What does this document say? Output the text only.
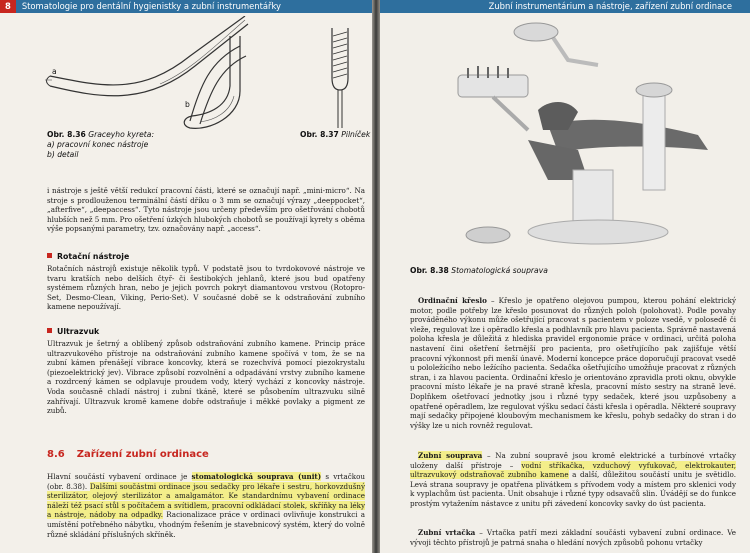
8 Stomatologie pro dentální hygienistky a zubní instrumentářky
a
b
Obr. 8.36 Graceyho kyreta:
a) pracovní konec nástroje
b) detail
Obr. 8.37 Pilníček

i nástroje s ještě větší redukcí pracovní části, které se označují např. „mini-micro“. Na stroje s prodlouženou terminální částí dříku o 3 mm se označují výrazy „deeppocket“, „afterfive“, „deepaccess“. Tyto nástroje jsou určeny především pro ošetřování chobotů hlubších než 5 mm. Pro ošetření úzkých hlubokých chobotů se používají kyrety s oběma výše popsanými parametry, tzv. označovány např. „access“.

Rotační nástroje

Rotačních nástrojů existuje několik typů. V podstatě jsou to tvrdokovové nástroje ve tvaru kratších nebo delších čtyř- či šestibokých jehlanů, které jsou bud opatřeny systémem různých hran, nebo je jejich povrch pokryt diamantovou vrstvou (Rotopro-Set, Desmo-Clean, Viking, Perio-Set). V současné době se k odstraňování zubního kamene nepoužívají.

Ultrazvuk

Ultrazvuk je šetrný a oblíbený způsob odstraňování zubního kamene. Princip práce ultrazvukového přístroje na odstraňování zubního kamene spočívá v tom, že se na zubní kámen přenášejí vibrace koncovky, která se rozechvívá pomocí piezokrystalu (piezoelektrický jev). Vibrace způsobí rozvolnění a odpadávání vrstvy zubního kamene a rozdrcený kámen se odplavuje proudem vody, který vychází z koncovky nástroje. Voda současně chladí nástroj i zubní tkáně, které se působením ultrazvuku silně zahřívají. Ultrazvuk kromě kamene dobře odstraňuje i měkké povlaky a pigment ze zubů.

8.6 Zařízení zubní ordinace

Hlavní součástí vybavení ordinace je stomatologická souprava (unit) s vrtačkou (obr. 8.38). Dalšími součástmi ordinace jsou sedačky pro lékaře i sestru, horkovzdušný sterilizátor, olejový sterilizátor a amalgamátor. Ke standardnímu vybavení ordinace náleží též psací stůl s počítačem a svítidlem, pracovní odkládací stolek, skříňky na léky a nástroje, nádoby na odpadky. Racionalizace práce v ordinaci ovlivňuje konstrukci a umístění potřebného nábytku, vhodným řešením je stavebnicový systém, který do volně různé skládání příslušných skříněk.

Zubní instrumentárium a nástroje, zařízení zubní ordinace
Obr. 8.38 Stomatologická souprava

Ordinační křeslo – Křeslo je opatřeno olejovou pumpou, kterou pohání elektrický motor, podle potřeby lze křeslo posunovat do různých poloh (polohovat). Podle povahy prováděného výkonu může ošetřující pracovat s pacientem v poloze vsedě, v polosedě či vleže, regulovat lze i opěradlo křesla a podhlavník pro hlavu pacienta. Správně nastavená poloha křesla je důležitá z hlediska pravidel ergonomie práce v ordinaci, určitá poloha nastavení čini ošetření šetrnější pro pacienta, pro ošetřujícího pak zajišťuje větší pracovní výkonnost při menší únavě. Moderní koncepce práce doporučují pracovat vsedě u pololežícího nebo ležícího pacienta. Sedačka ošetřujícího umožňuje pracovat z různých stran, i za hlavou pacienta. Ordinační křeslo je orientováno zpravidla proti oknu, obvykle pracovní místo lékaře je na pravé straně křesla, pracovní místo sestry na straně levé. Doplňkem ošetřovací jednotky jsou i různé typy sedaček, které jsou uzpůsobeny a opatřené opěradlem, lze regulovat výšku sedací části křesla i opěradla. Některé soupravy mají sedačky připojené kloubovým mechanismem ke křeslu, pohyb sedačky do stran i do výšky lze u nich rovněž regulovat.

Zubní souprava – Na zubní soupravě jsou kromě elektrické a turbínové vrtačky uloženy další přístroje – vodní stříkačka, vzduchový vyfukovač, elektrokauter, ultrazvukový odstraňovač zubního kamene a další, důležitou součástí unitu je světidlo. Levá strana soupravy je opatřena plivátkem s přívodem vody a místem pro sklenici vody k vyplachům úst pacienta. Unit obsahuje i různé typy odsavačů slin. Úvádějí se do funkce prostým vytažením nástavce z unitu při závedení koncovky savky do úst pacienta.

Zubní vrtačka – Vrtačka patří mezi základní součásti vybavení zubní ordinace. Ve vývoji těchto přístrojů je patrná snaha o hledání nových způsobů pohonu vrtačky
